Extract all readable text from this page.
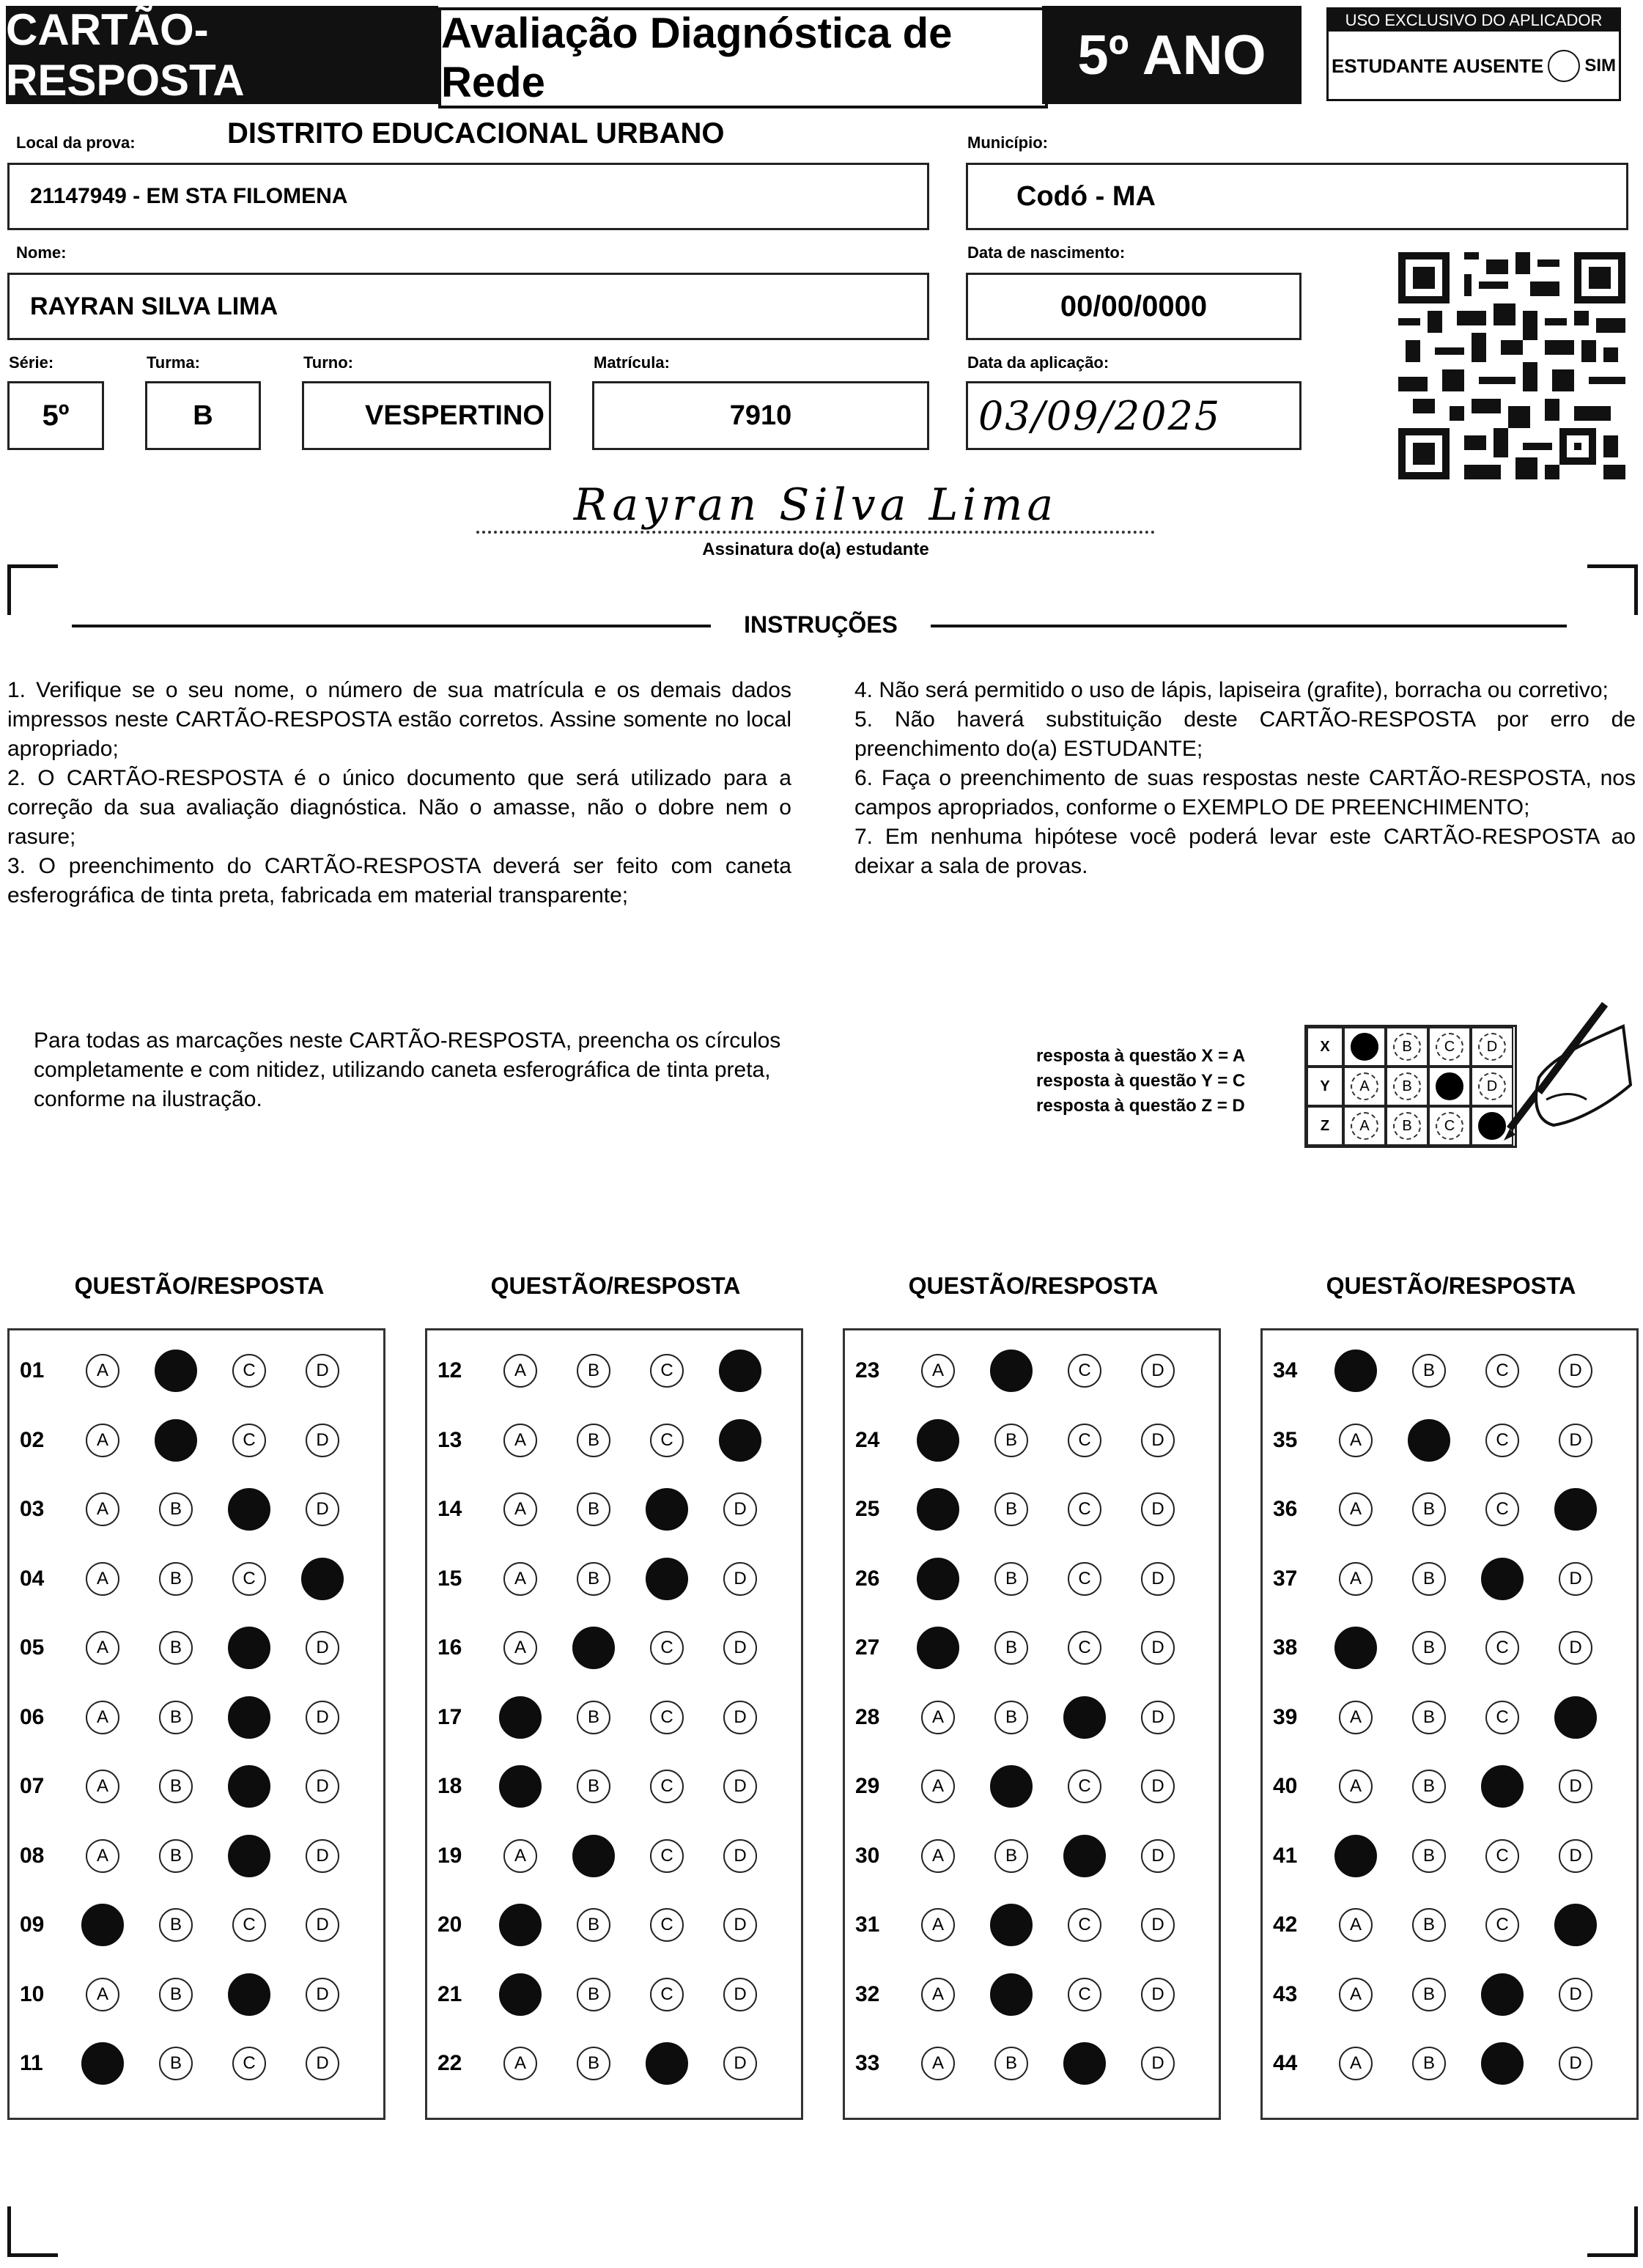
CARTÃO-RESPOSTA
Avaliação Diagnóstica de Rede	5º ANO
USO EXCLUSIVO DO APLICADOR
ESTUDANTE AUSENTE SIM
Local da prova:	DISTRITO EDUCACIONAL URBANO
21147949 - EM STA FILOMENA
Município:
Codó - MA
Nome:
RAYRAN SILVA LIMA
Data de nascimento:
00/00/0000
Série:
5º
Turma:
B
Turno:
VESPERTINO
Matrícula:
7910
Data da aplicação:
03/09/2025
Rayran Silva Lima
Assinatura do(a) estudante
INSTRUÇÕES

1. Verifique se o seu nome, o número de sua matrícula e os demais dados impressos neste CARTÃO-RESPOSTA estão corretos. Assine somente no local apropriado;

2. O CARTÃO-RESPOSTA é o único documento que será utilizado para a correção da sua avaliação diagnóstica. Não o amasse, não o dobre nem o rasure;

3. O preenchimento do CARTÃO-RESPOSTA deverá ser feito com caneta esferográfica de tinta preta, fabricada em material transparente;

4. Não será permitido o uso de lápis, lapiseira (grafite), borracha ou corretivo;

5. Não haverá substituição deste CARTÃO-RESPOSTA por erro de preenchimento do(a) ESTUDANTE;

6. Faça o preenchimento de suas respostas neste CARTÃO-RESPOSTA, nos campos apropriados, conforme o EXEMPLO DE PREENCHIMENTO;

7. Em nenhuma hipótese você poderá levar este CARTÃO-RESPOSTA ao deixar a sala de provas.

Para todas as marcações neste CARTÃO-RESPOSTA, preencha os círculos completamente e com nitidez, utilizando caneta esferográfica de tinta preta, conforme na ilustração.
resposta à questão X = A
resposta à questão Y = C
resposta à questão Z = D
X	B	C	D
Y	A	B	D
Z	A	B	C
QUESTÃO/RESPOSTA	QUESTÃO/RESPOSTA	QUESTÃO/RESPOSTA	QUESTÃO/RESPOSTA
01	A	C	D
02	A	C	D
03	A	B	D
04	A	B	C
05	A	B	D
06	A	B	D
07	A	B	D
08	A	B	D
09	B	C	D
10	A	B	D
11	B	C	D
12	A	B	C
13	A	B	C
14	A	B	D
15	A	B	D
16	A	C	D
17	B	C	D
18	B	C	D
19	A	C	D
20	B	C	D
21	B	C	D
22	A	B	D
23	A	C	D
24	B	C	D
25	B	C	D
26	B	C	D
27	B	C	D
28	A	B	D
29	A	C	D
30	A	B	D
31	A	C	D
32	A	C	D
33	A	B	D
34	B	C	D
35	A	C	D
36	A	B	C
37	A	B	D
38	B	C	D
39	A	B	C
40	A	B	D
41	B	C	D
42	A	B	C
43	A	B	D
44	A	B	D
